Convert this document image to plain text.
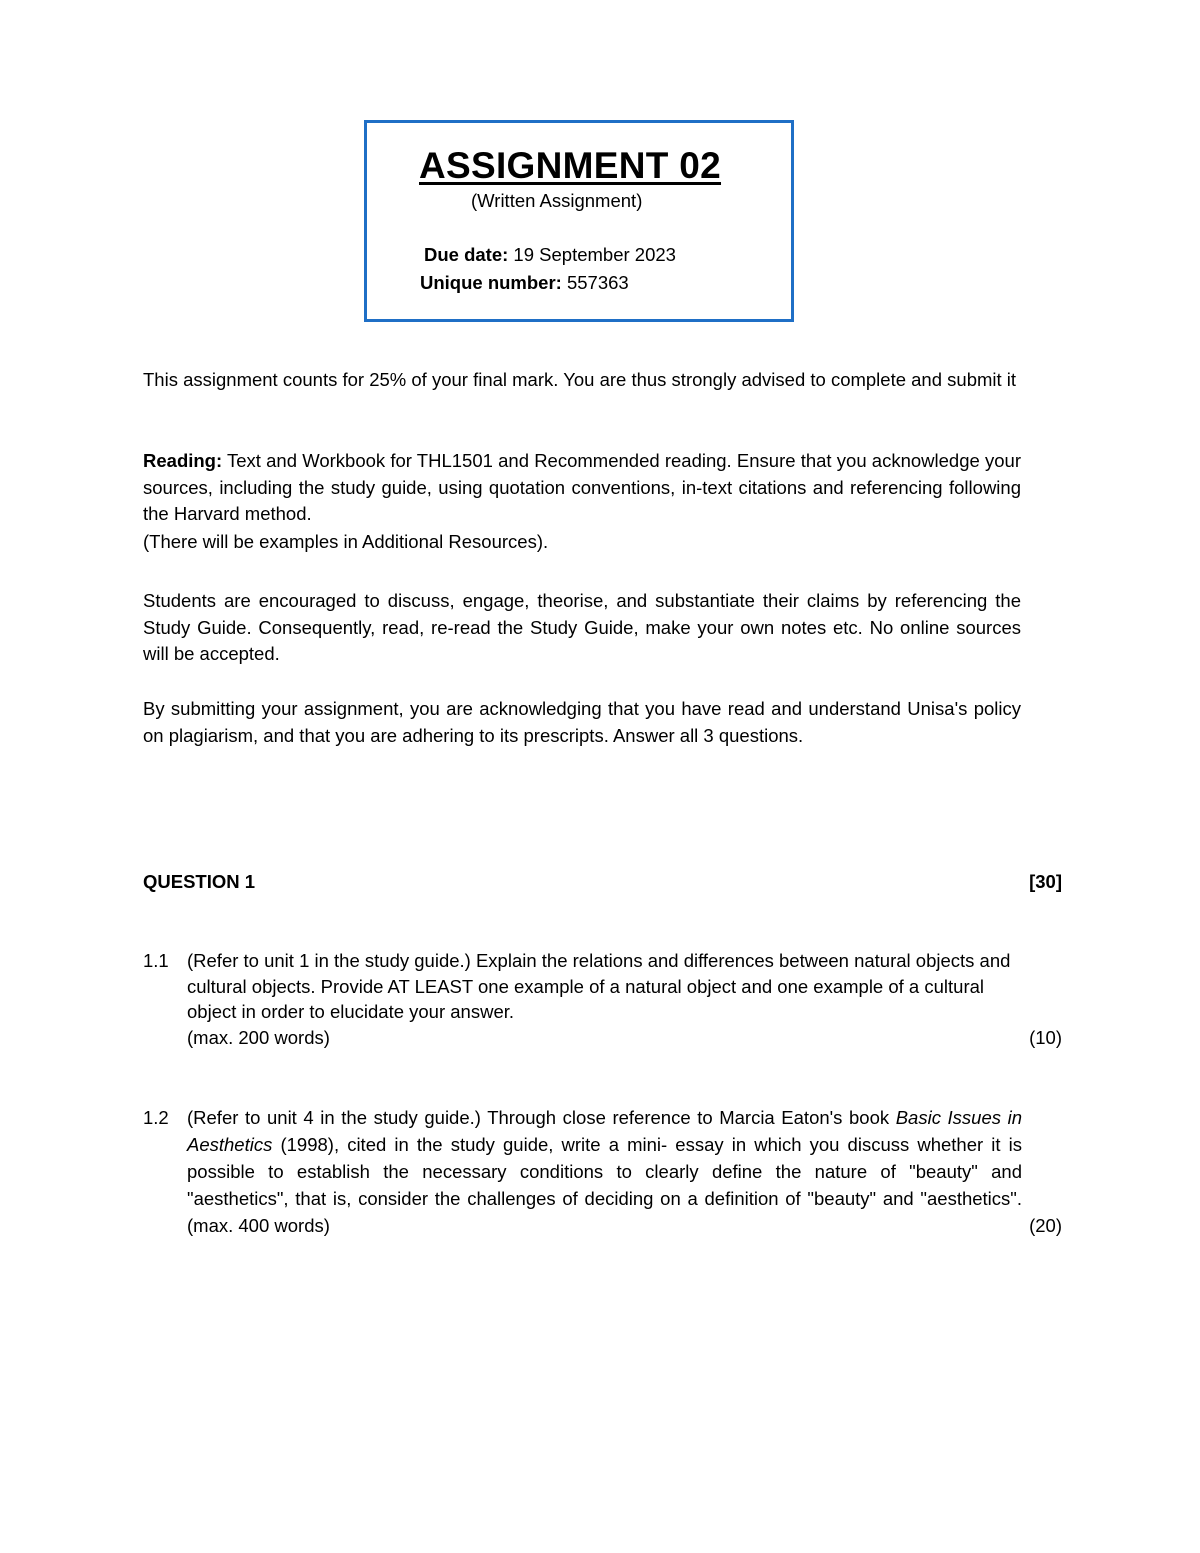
ASSIGNMENT 02
(Written Assignment)
Due date: 19 September 2023
Unique number: 557363
This assignment counts for 25% of your final mark. You are thus strongly advised to complete and submit it
Reading: Text and Workbook for THL1501 and Recommended reading. Ensure that you acknowledge your sources, including the study guide, using quotation conventions, in-text citations and referencing following the Harvard method.
(There will be examples in Additional Resources).
Students are encouraged to discuss, engage, theorise, and substantiate their claims by referencing the Study Guide. Consequently, read, re-read the Study Guide, make your own notes etc. No online sources will be accepted.
By submitting your assignment, you are acknowledging that you have read and understand Unisa's policy on plagiarism, and that you are adhering to its prescripts. Answer all 3 questions.
QUESTION 1	[30]
1.1 (Refer to unit 1 in the study guide.) Explain the relations and differences between natural objects and cultural objects. Provide AT LEAST one example of a natural object and one example of a cultural object in order to elucidate your answer.
(max. 200 words)	(10)
1.2 (Refer to unit 4 in the study guide.) Through close reference to Marcia Eaton's book Basic Issues in Aesthetics (1998), cited in the study guide, write a mini- essay in which you discuss whether it is possible to establish the necessary conditions to clearly define the nature of "beauty" and "aesthetics", that is, consider the challenges of deciding on a definition of "beauty" and "aesthetics". (max. 400 words)	(20)
